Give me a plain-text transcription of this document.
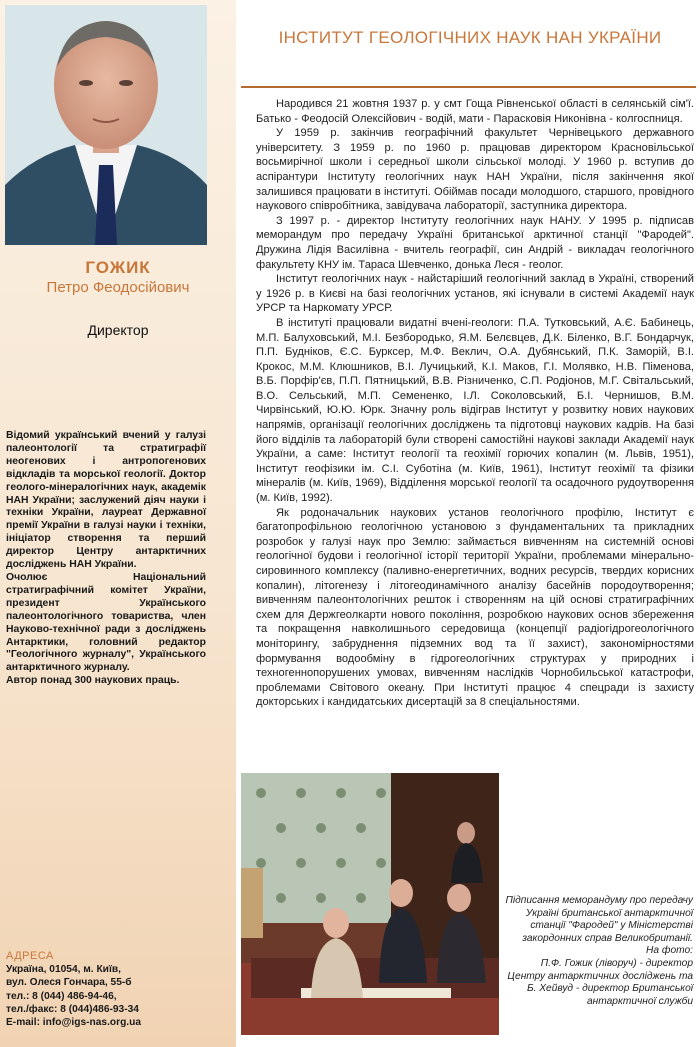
ГОЖИК
Петро Феодосійович
Директор

Відомий український вчений у галузі палеонтології та стратиграфії неогенових і антропогенових відкладів та морської геології. Доктор геолого-мінералогічних наук, академік НАН України; заслужений діяч науки і техніки України, лауреат Державної премії України в галузі науки і техніки, ініціатор створення та перший директор Центру антарктичних досліджень НАН України.

Очолює Національний стратиграфічний комітет України, президент Українського палеонтологічного товариства, член Науково-технічної ради з досліджень Антарктики, головний редактор "Геологічного журналу", Українського антарктичного журналу.

Автор понад 300 наукових праць.

АДРЕСА
Україна, 01054, м. Київ,
вул. Олеся Гончара, 55-б
тел.: 8 (044) 486-94-46,
тел./факс: 8 (044)486-93-34
E-mail: info@igs-nas.org.ua
ІНСТИТУТ ГЕОЛОГІЧНИХ НАУК НАН УКРАЇНИ

Народився 21 жовтня 1937 р. у смт Гоща Рівненської області в селянській сім'ї. Батько - Феодосій Олексійович - водій, мати - Парасковія Никонівна - колгоспниця.

У 1959 р. закінчив географічний факультет Чернівецького державного університету. З 1959 р. по 1960 р. працював директором Красновільської восьмирічної школи і середньої школи сільської молоді. У 1960 р. вступив до аспірантури Інституту геологічних наук НАН України, після закінчення якої залишився працювати в інституті. Обіймав посади молодшого, старшого, провідного наукового співробітника, завідувача лабораторії, заступника директора.

З 1997 р. - директор Інституту геологічних наук НАНУ. У 1995 р. підписав меморандум про передачу Україні британської арктичної станції "Фародей". Дружина Лідія Василівна - вчитель географії, син Андрій - викладач геологічного факультету КНУ ім. Тараса Шевченко, донька Леся - геолог.

Інститут геологічних наук - найстаріший геологічний заклад в Україні, створений у 1926 р. в Києві на базі геологічних установ, які існували в системі Академії наук УРСР та Наркомату УРСР.

В інституті працювали видатні вчені-геологи: П.А. Тутковський, А.Є. Бабинець, М.П. Балуховський, М.І. Безбородько, Я.М. Белєвцев, Д.К. Біленко, В.Г. Бондарчук, П.П. Будніков, Є.С. Бурксер, М.Ф. Веклич, О.А. Дубянський, П.К. Заморій, В.І. Крокос, М.М. Клюшников, В.І. Лучицький, К.І. Маков, Г.І. Молявко, Н.В. Піменова, В.Б. Порфір'єв, П.П. Пятницький, В.В. Різниченко, С.П. Родіонов, М.Г. Світальський, В.О. Сельський, М.П. Семененко, І.Л. Соколовський, Б.І. Чернишов, В.М. Чирвінський, Ю.Ю. Юрк. Значну роль відіграв Інститут у розвитку нових наукових напрямів, організації геологічних досліджень та підготовці наукових кадрів. На базі його відділів та лабораторій були створені самостійні наукові заклади Академії наук України, а саме: Інститут геології та геохімії горючих копалин (м. Львів, 1951), Інститут геофізики ім. С.І. Суботіна (м. Київ, 1961), Інститут геохімії та фізики мінералів (м. Київ, 1969), Відділення морської геології та осадочного рудоутворення (м. Київ, 1992).

Як родоначальник наукових установ геологічного профілю, Інститут є багатопрофільною геологічною установою з фундаментальних та прикладних розробок у галузі наук про Землю: займається вивченням на системній основі геологічної будови і геологічної історії території України, проблемами мінерально-сировинного комплексу (паливно-енергетичних, водних ресурсів, твердих корисних копалин), літогенезу і літогеодинамічного аналізу басейнів породоутворення; вивченням палеонтологічних решток і створенням на цій основі стратиграфічних схем для Держгеолкарти нового покоління, розробкою наукових основ збереження та покращення навколишнього середовища (концепції радіогідрогеологічного моніторингу, забруднення підземних вод та її захист), закономірностями формування водообміну в гідрогеологічних структурах у природних і техногеннопорушених умовах, вивченням наслідків Чорнобильської катастрофи, проблемами Світового океану. При Інституті працює 4 спецради із захисту докторських і кандидатських дисертацій за 8 спеціальностями.

Підписання меморандуму про передачу Україні британської антарктичної станції "Фародей" у Міністерстві закордонних справ Великобританії.
На фото:
П.Ф. Гожик (ліворуч) - директор Центру антарктичних досліджень та Б. Хейвуд - директор Британської антарктичної служби
